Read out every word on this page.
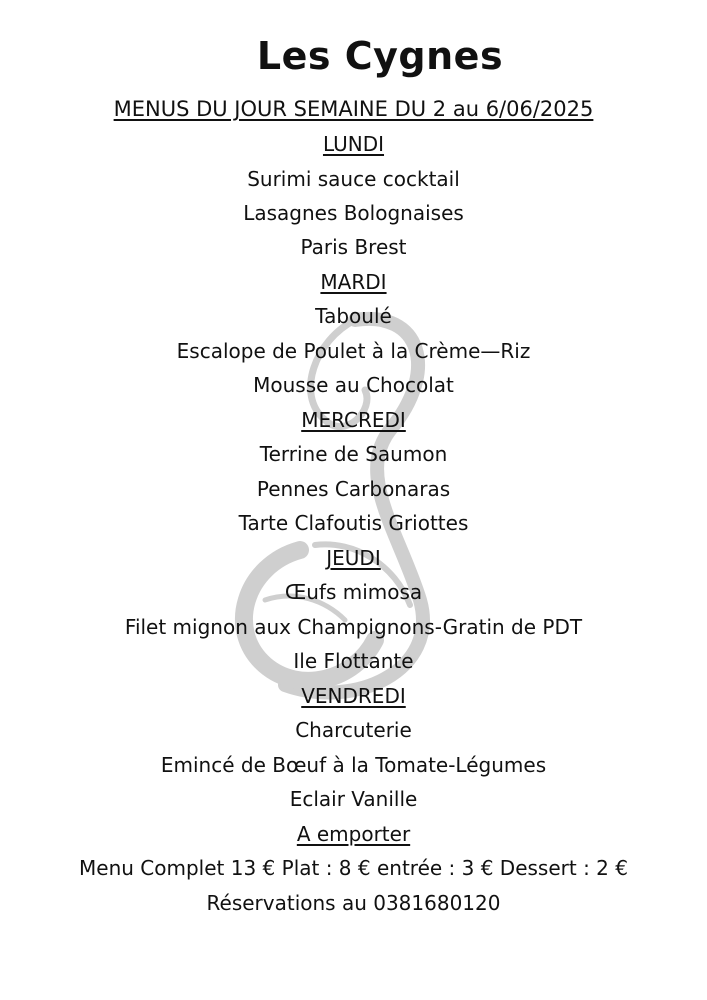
Les Cygnes
MENUS DU JOUR SEMAINE DU 2 au 6/06/2025
LUNDI
Surimi sauce cocktail
Lasagnes Bolognaises
Paris Brest
MARDI
Taboulé
Escalope de Poulet à la Crème—Riz
Mousse au Chocolat
MERCREDI
Terrine de Saumon
Pennes Carbonaras
Tarte Clafoutis Griottes
JEUDI
Œufs mimosa
Filet mignon aux Champignons-Gratin de PDT
Ile Flottante
VENDREDI
Charcuterie
Emincé de Bœuf à la Tomate-Légumes
Eclair Vanille
A emporter
Menu Complet 13 € Plat : 8 € entrée : 3 € Dessert : 2 €
Réservations au 0381680120
